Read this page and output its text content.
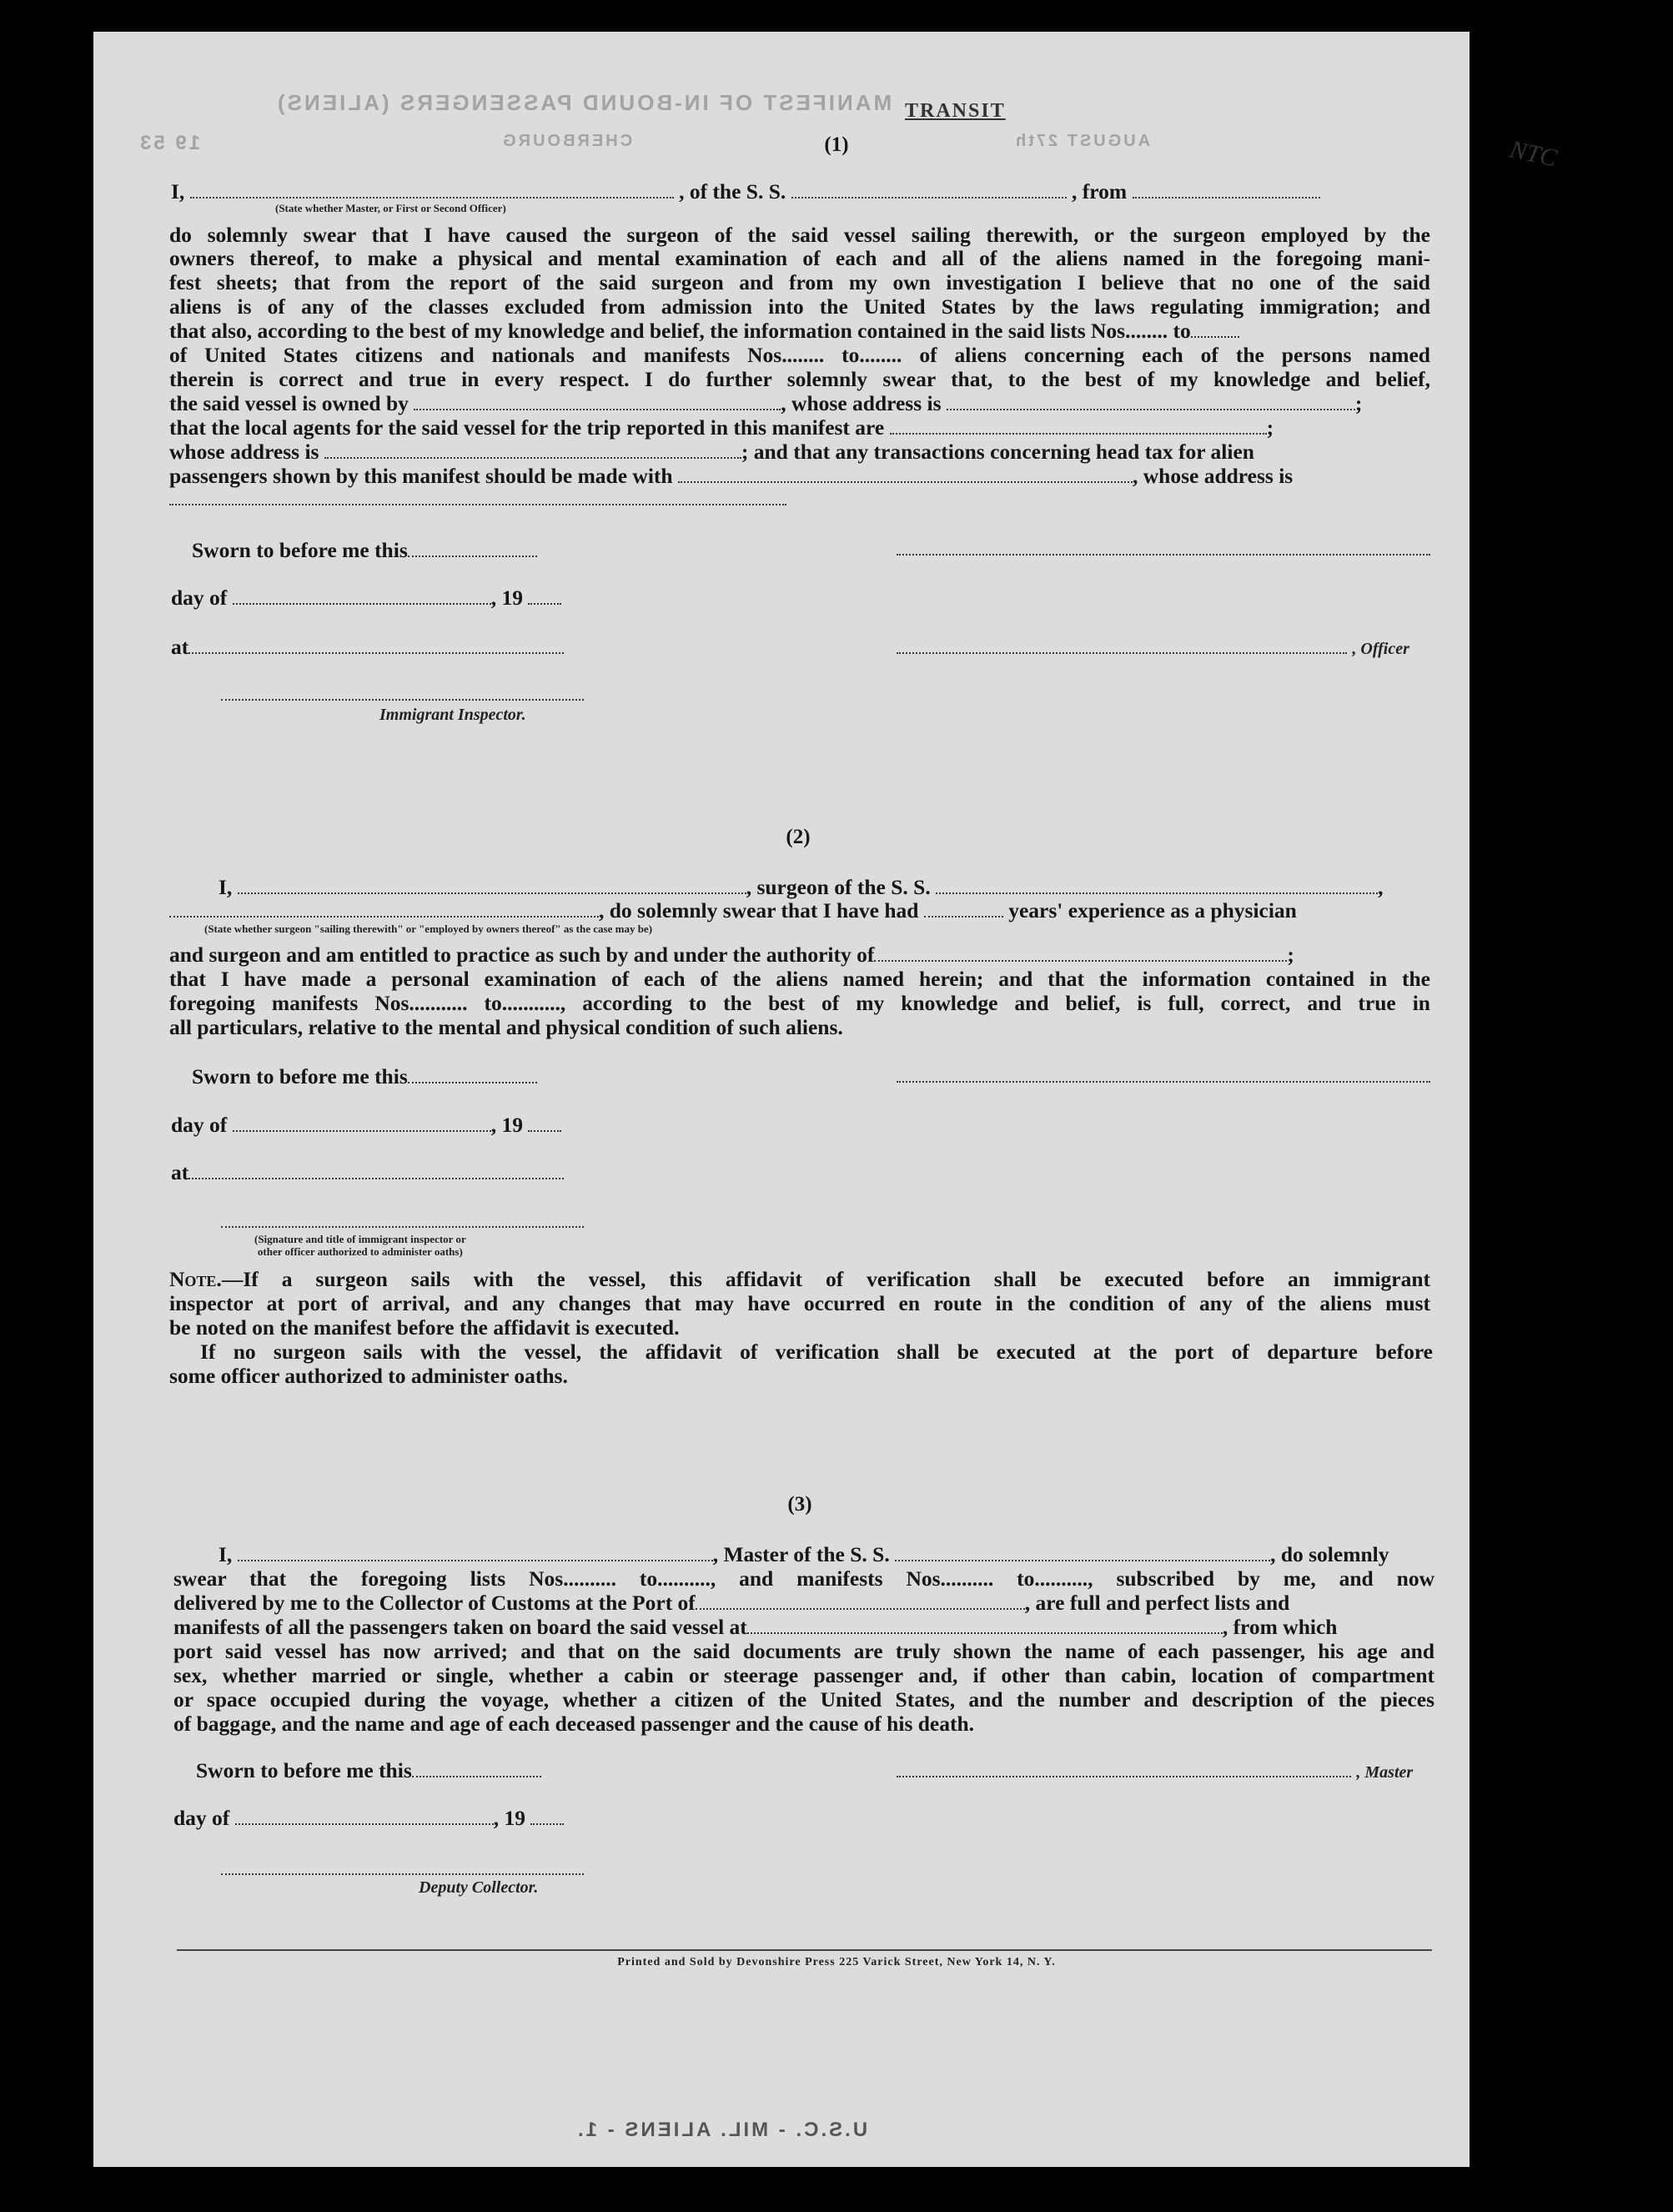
MANIFEST OF IN-BOUND PASSENGERS (ALIENS)
CHERBOURG	AUGUST 27th
19 53
U.S.C. - MIL. ALIENS - 1.
TRANSIT
NTC
(1)
I,	, of the S. S.	, from
(State whether Master, or First or Second Officer)
do solemnly swear that I have caused the surgeon of the said vessel sailing therewith, or the surgeon employed by the
owners thereof, to make a physical and mental examination of each and all of the aliens named in the foregoing mani-
fest sheets; that from the report of the said surgeon and from my own investigation I believe that no one of the said
aliens is of any of the classes excluded from admission into the United States by the laws regulating immigration; and
that also, according to the best of my knowledge and belief, the information contained in the said lists Nos........ to
of United States citizens and nationals and manifests Nos........ to........ of aliens concerning each of the persons named
therein is correct and true in every respect. I do further solemnly swear that, to the best of my knowledge and belief,
the said vessel is owned by	, whose address is	;
that the local agents for the said vessel for the trip reported in this manifest are	;
whose address is	; and that any transactions concerning head tax for alien
passengers shown by this manifest should be made with	, whose address is
Sworn to before me this
day of	, 19
at	, Officer
Immigrant Inspector.
(2)
I,	, surgeon of the S. S.	,
, do solemnly swear that I have had	years' experience as a physician
(State whether surgeon "sailing therewith" or "employed by owners thereof" as the case may be)
and surgeon and am entitled to practice as such by and under the authority of	;
that I have made a personal examination of each of the aliens named herein; and that the information contained in the
foregoing manifests Nos........... to..........., according to the best of my knowledge and belief, is full, correct, and true in
all particulars, relative to the mental and physical condition of such aliens.
Sworn to before me this
day of	, 19
at
(Signature and title of immigrant inspector or
other officer authorized to administer oaths)
Note.—If a surgeon sails with the vessel, this affidavit of verification shall be executed before an immigrant
inspector at port of arrival, and any changes that may have occurred en route in the condition of any of the aliens must
be noted on the manifest before the affidavit is executed.
If no surgeon sails with the vessel, the affidavit of verification shall be executed at the port of departure before
some officer authorized to administer oaths.
(3)
I,	, Master of the S. S.	, do solemnly
swear that the foregoing lists Nos.......... to.........., and manifests Nos.......... to.........., subscribed by me, and now
delivered by me to the Collector of Customs at the Port of	, are full and perfect lists and
manifests of all the passengers taken on board the said vessel at	, from which
port said vessel has now arrived; and that on the said documents are truly shown the name of each passenger, his age and
sex, whether married or single, whether a cabin or steerage passenger and, if other than cabin, location of compartment
or space occupied during the voyage, whether a citizen of the United States, and the number and description of the pieces
of baggage, and the name and age of each deceased passenger and the cause of his death.
Sworn to before me this	, Master
day of	, 19
Deputy Collector.
Printed and Sold by Devonshire Press 225 Varick Street, New York 14, N. Y.
